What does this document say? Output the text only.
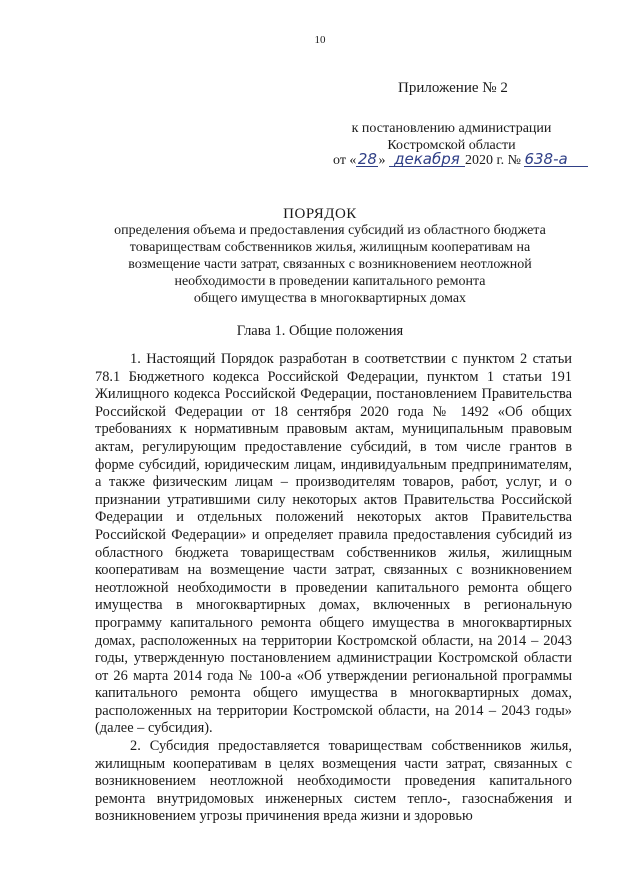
10
Приложение № 2
к постановлению администрации
Костромской области
от «28» декабря 2020 г. № 638-а
ПОРЯДОК
определения объема и предоставления субсидий из областного бюджета
товариществам собственников жилья, жилищным кооперативам на
возмещение части затрат, связанных с возникновением неотложной
необходимости в проведении капитального ремонта
общего имущества в многоквартирных домах
Глава 1. Общие положения

1. Настоящий Порядок разработан в соответствии с пунктом 2 статьи 78.1 Бюджетного кодекса Российской Федерации, пунктом 1 статьи 191 Жилищного кодекса Российской Федерации, постановлением Правительства Российской Федерации от 18 сентября 2020 года № 1492 «Об общих требованиях к нормативным правовым актам, муниципальным правовым актам, регулирующим предоставление субсидий, в том числе грантов в форме субсидий, юридическим лицам, индивидуальным предпринимателям, а также физическим лицам – производителям товаров, работ, услуг, и о признании утратившими силу некоторых актов Правительства Российской Федерации и отдельных положений некоторых актов Правительства Российской Федерации» и определяет правила предоставления субсидий из областного бюджета товариществам собственников жилья, жилищным кооперативам на возмещение части затрат, связанных с возникновением неотложной необходимости в проведении капитального ремонта общего имущества в многоквартирных домах, включенных в региональную программу капитального ремонта общего имущества в многоквартирных домах, расположенных на территории Костромской области, на 2014 – 2043 годы, утвержденную постановлением администрации Костромской области от 26 марта 2014 года № 100-а «Об утверждении региональной программы капитального ремонта общего имущества в многоквартирных домах, расположенных на территории Костромской области, на 2014 – 2043 годы» (далее – субсидия).

2. Субсидия предоставляется товариществам собственников жилья, жилищным кооперативам в целях возмещения части затрат, связанных с возникновением неотложной необходимости проведения капитального ремонта внутридомовых инженерных систем тепло-, газоснабжения и возникновением угрозы причинения вреда жизни и здоровью
